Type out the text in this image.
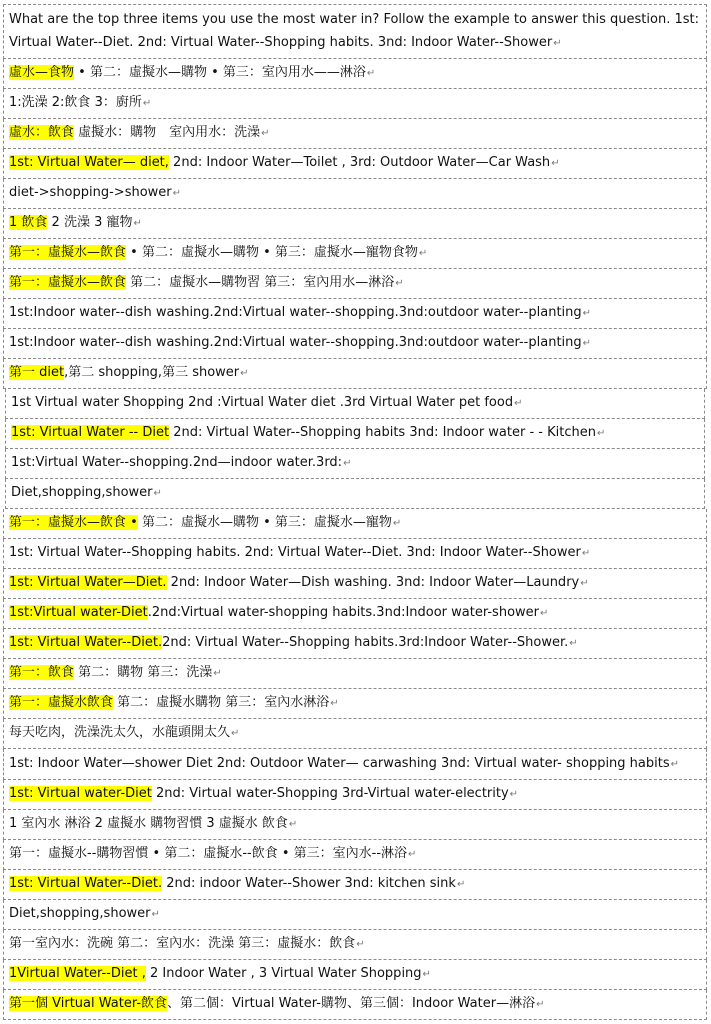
What are the top three items you use the most water in? Follow the example to answer this question. 1st: Virtual Water--Diet. 2nd: Virtual Water--Shopping habits. 3nd: Indoor Water--Shower↵
虛水—食物 • 第二：虛擬水—購物 • 第三：室內用水——淋浴↵
1:洗澡 2:飲食 3：廚所↵
虛水：飲食 虛擬水：購物　室內用水：洗澡↵
1st: Virtual Water— diet, 2nd: Indoor Water—Toilet , 3rd: Outdoor Water—Car Wash↵
diet->shopping->shower↵
1 飲食 2 洗澡 3 寵物↵
第一：虛擬水—飲食 • 第二：虛擬水—購物 • 第三：虛擬水—寵物食物↵
第一：虛擬水—飲食 第二：虛擬水—購物習 第三：室內用水—淋浴↵
1st:Indoor water--dish washing.2nd:Virtual water--shopping.3nd:outdoor water--planting↵
1st:Indoor water--dish washing.2nd:Virtual water--shopping.3nd:outdoor water--planting↵
第一 diet,第二 shopping,第三 shower↵
1st Virtual water Shopping 2nd :Virtual Water diet .3rd Virtual Water pet food↵
1st: Virtual Water -- Diet 2nd: Virtual Water--Shopping habits 3nd: Indoor water - - Kitchen↵
1st:Virtual Water--shopping.2nd—indoor water.3rd:↵
Diet,shopping,shower↵
第一：虛擬水—飲食 • 第二：虛擬水—購物 • 第三：虛擬水—寵物↵
1st: Virtual Water--Shopping habits. 2nd: Virtual Water--Diet. 3nd: Indoor Water--Shower↵
1st: Virtual Water—Diet. 2nd: Indoor Water—Dish washing. 3nd: Indoor Water—Laundry↵
1st:Virtual water-Diet.2nd:Virtual water-shopping habits.3nd:Indoor water-shower↵
1st: Virtual Water--Diet.2nd: Virtual Water--Shopping habits.3rd:Indoor Water--Shower.↵
第一：飲食 第二：購物 第三：洗澡↵
第一：虛擬水飲食 第二：虛擬水購物 第三：室內水淋浴↵
每天吃肉，洗澡洗太久，水龍頭開太久↵
1st: Indoor Water—shower Diet 2nd: Outdoor Water— carwashing 3nd: Virtual water- shopping habits↵
1st: Virtual water-Diet 2nd: Virtual water-Shopping 3rd-Virtual water-electrity↵
1 室內水 淋浴 2 虛擬水 購物習慣 3 虛擬水 飲食↵
第一：虛擬水--購物習慣 • 第二：虛擬水--飲食 • 第三：室內水--淋浴↵
1st: Virtual Water--Diet. 2nd: indoor Water--Shower 3nd: kitchen sink↵
Diet,shopping,shower↵
第一室內水：洗碗 第二：室內水：洗澡 第三：虛擬水：飲食↵
1Virtual Water--Diet , 2 Indoor Water , 3 Virtual Water Shopping↵
第一個 Virtual Water-飲食、第二個：Virtual Water-購物、第三個：Indoor Water—淋浴↵
